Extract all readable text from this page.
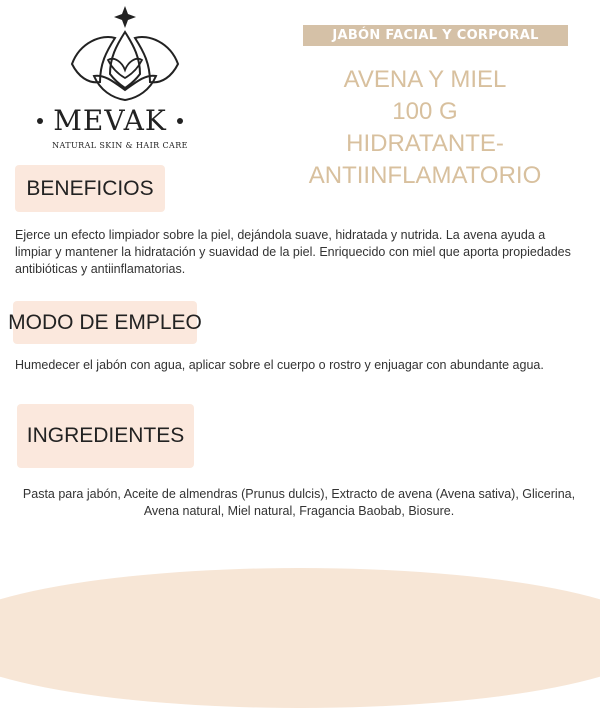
MEVAK
NATURAL SKIN & HAIR CARE
JABÓN FACIAL Y CORPORAL
AVENA Y MIEL
100 G
HIDRATANTE-
ANTIINFLAMATORIO
BENEFICIOS
Ejerce un efecto limpiador sobre la piel, dejándola suave, hidratada y nutrida. La avena ayuda a limpiar y mantener la hidratación y suavidad de la piel. Enriquecido con miel que aporta propiedades antibióticas y antiinflamatorias.
MODO DE EMPLEO
Humedecer el jabón con agua, aplicar sobre el cuerpo o rostro y enjuagar con abundante agua.
INGREDIENTES
Pasta para jabón, Aceite de almendras (Prunus dulcis), Extracto de avena (Avena sativa), Glicerina, Avena natural, Miel natural, Fragancia Baobab, Biosure.
